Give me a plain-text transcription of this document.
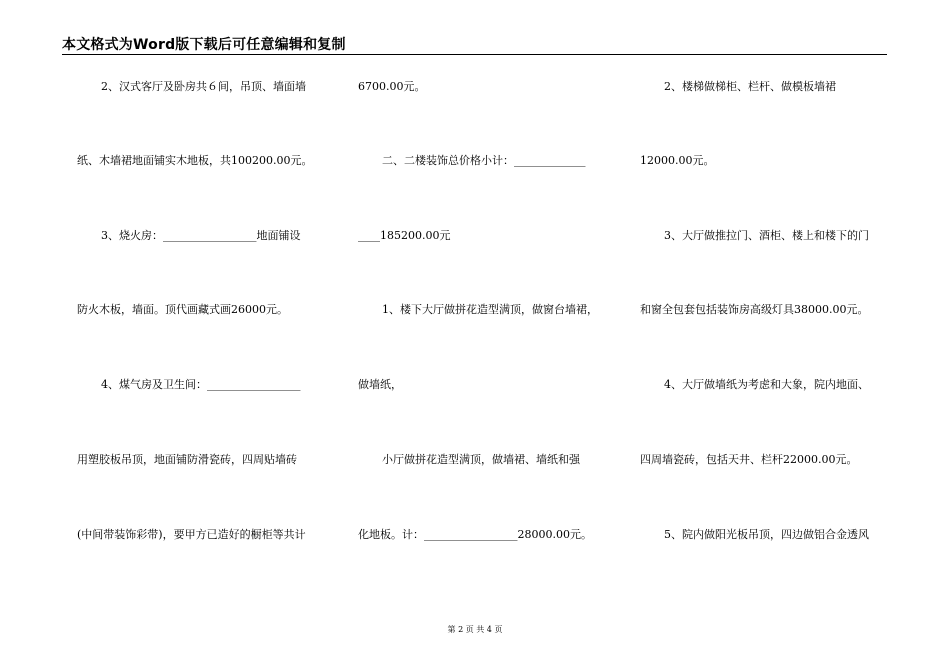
本文格式为Word版下载后可任意编辑和复制
2、汉式客厅及卧房共６间，吊顶、墙面墙
纸、木墙裙地面铺实木地板，共100200.00元。
3、烧火房：_________________地面铺设
防火木板，墙面。顶代画藏式画26000元。
4、煤气房及卫生间：_________________
用塑胶板吊顶，地面铺防滑瓷砖，四周贴墙砖
(中间带装饰彩带)，要甲方已造好的橱柜等共计
6700.00元。
二、二楼装饰总价格小计：_____________
____185200.00元
1、楼下大厅做拼花造型满顶，做窗台墙裙，
做墙纸，
小厅做拼花造型满顶，做墙裙、墙纸和强
化地板。计：_________________28000.00元。
2、楼梯做梯柜、栏杆、做模板墙裙
12000.00元。
3、大厅做推拉门、酒柜、楼上和楼下的门
和窗全包套包括装饰房高级灯具38000.00元。
4、大厅做墙纸为考虑和大象，院内地面、
四周墙瓷砖，包括天井、栏杆22000.00元。
5、院内做阳光板吊顶，四边做铝合金透风
第 2 页 共 4 页
